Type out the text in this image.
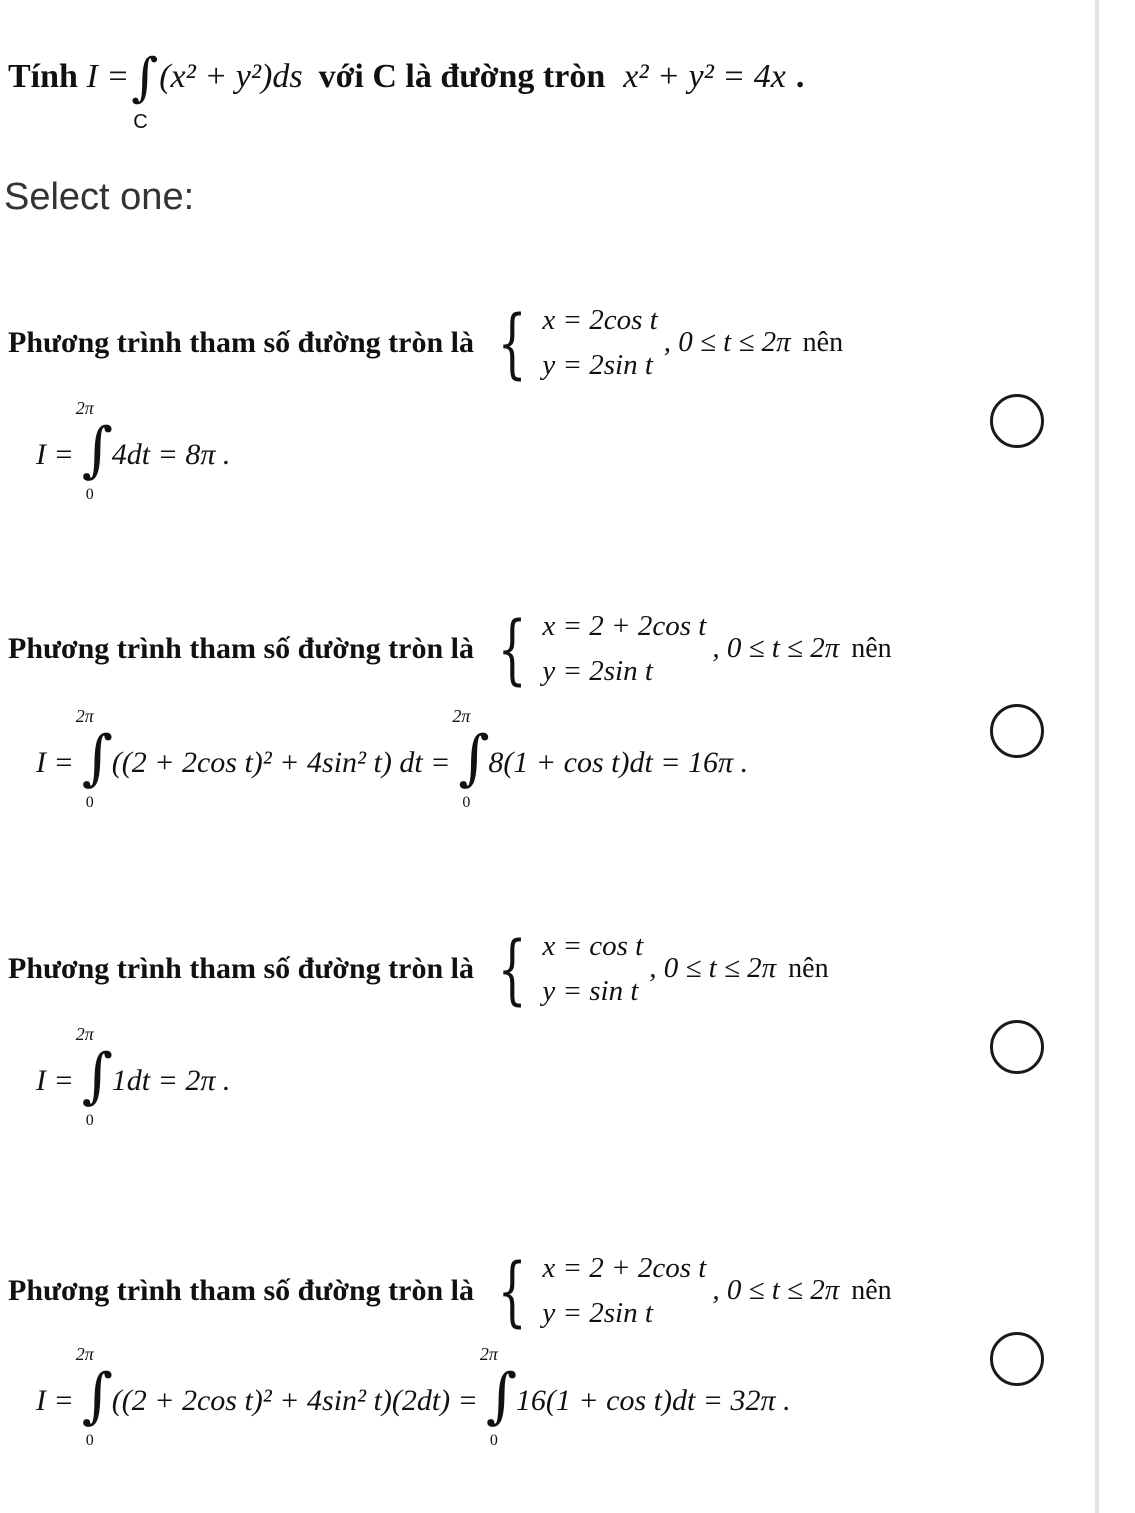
Tính
I = ∫
C
(x² + y²)ds với C là đường tròn x² + y² = 4x .
Select one:
Phương trình tham số đường tròn là { x = 2cos t
y = 2sin t
, 0 ≤ t ≤ 2π nên
I =
2π
∫
0
4dt = 8π .
Phương trình tham số đường tròn là { x = 2 + 2cos t
y = 2sin t
, 0 ≤ t ≤ 2π nên
I =
2π
∫
0
((2 + 2cos t)² + 4sin² t) dt =
2π
∫
0
8(1 + cos t)dt = 16π .
Phương trình tham số đường tròn là { x = cos t
y = sin t
, 0 ≤ t ≤ 2π nên
I =
2π
∫
0
1dt = 2π .
Phương trình tham số đường tròn là { x = 2 + 2cos t
y = 2sin t
, 0 ≤ t ≤ 2π nên
I =
2π
∫
0
((2 + 2cos t)² + 4sin² t)(2dt) =
2π
∫
0
16(1 + cos t)dt = 32π .
